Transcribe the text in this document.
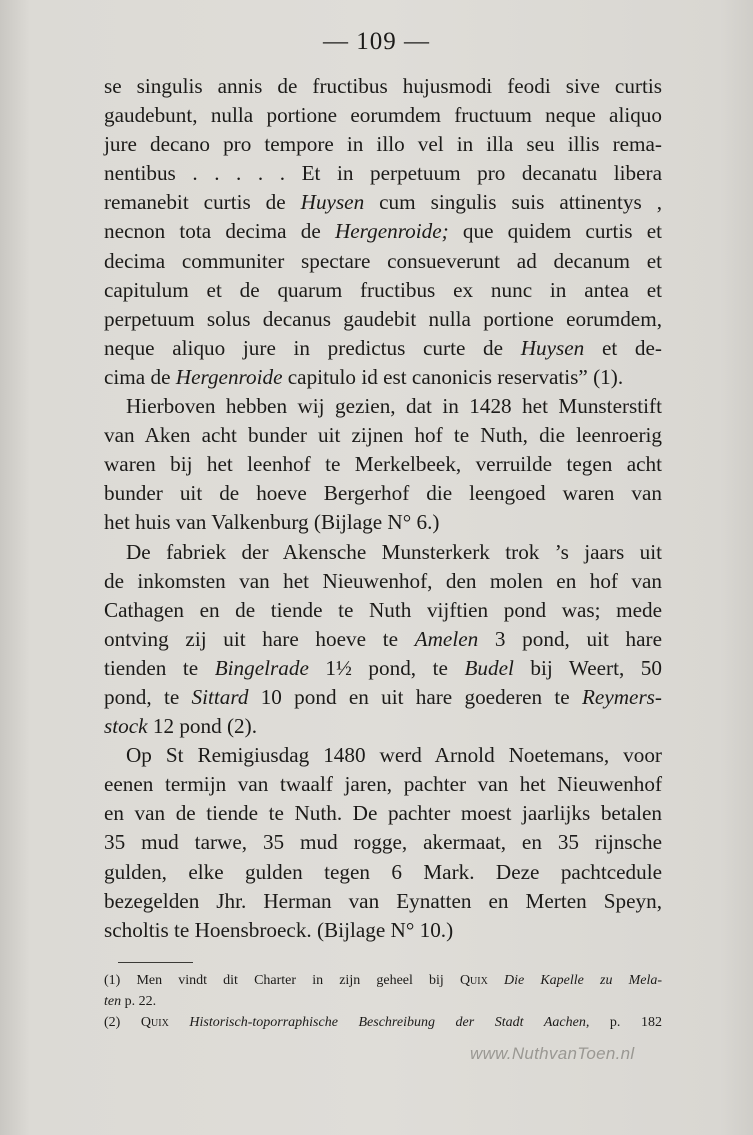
— 109 —
se singulis annis de fructibus hujusmodi feodi sive curtis
gaudebunt, nulla portione eorumdem fructuum neque aliquo
jure decano pro tempore in illo vel in illa seu illis rema-
nentibus . . . . . Et in perpetuum pro decanatu libera
remanebit curtis de Huysen cum singulis suis attinentys ,
necnon tota decima de Hergenroide; que quidem curtis et
decima communiter spectare consueverunt ad decanum et
capitulum et de quarum fructibus ex nunc in antea et
perpetuum solus decanus gaudebit nulla portione eorumdem,
neque aliquo jure in predictus curte de Huysen et de-
cima de Hergenroide capitulo id est canonicis reservatis” (1).
Hierboven hebben wij gezien, dat in 1428 het Munsterstift
van Aken acht bunder uit zijnen hof te Nuth, die leenroerig
waren bij het leenhof te Merkelbeek, verruilde tegen acht
bunder uit de hoeve Bergerhof die leengoed waren van
het huis van Valkenburg (Bijlage N° 6.)
De fabriek der Akensche Munsterkerk trok ’s jaars uit
de inkomsten van het Nieuwenhof, den molen en hof van
Cathagen en de tiende te Nuth vijftien pond was; mede
ontving zij uit hare hoeve te Amelen 3 pond, uit hare
tienden te Bingelrade 1½ pond, te Budel bij Weert, 50
pond, te Sittard 10 pond en uit hare goederen te Reymers-
stock 12 pond (2).
Op St Remigiusdag 1480 werd Arnold Noetemans, voor
eenen termijn van twaalf jaren, pachter van het Nieuwenhof
en van de tiende te Nuth. De pachter moest jaarlijks betalen
35 mud tarwe, 35 mud rogge, akermaat, en 35 rijnsche
gulden, elke gulden tegen 6 Mark. Deze pachtcedule
bezegelden Jhr. Herman van Eynatten en Merten Speyn,
scholtis te Hoensbroeck. (Bijlage N° 10.)
(1) Men vindt dit Charter in zijn geheel bij Quix Die Kapelle zu Mela-
ten p. 22.
(2) Quix Historisch-toporraphische Beschreibung der Stadt Aachen, p. 182
www.NuthvanToen.nl
